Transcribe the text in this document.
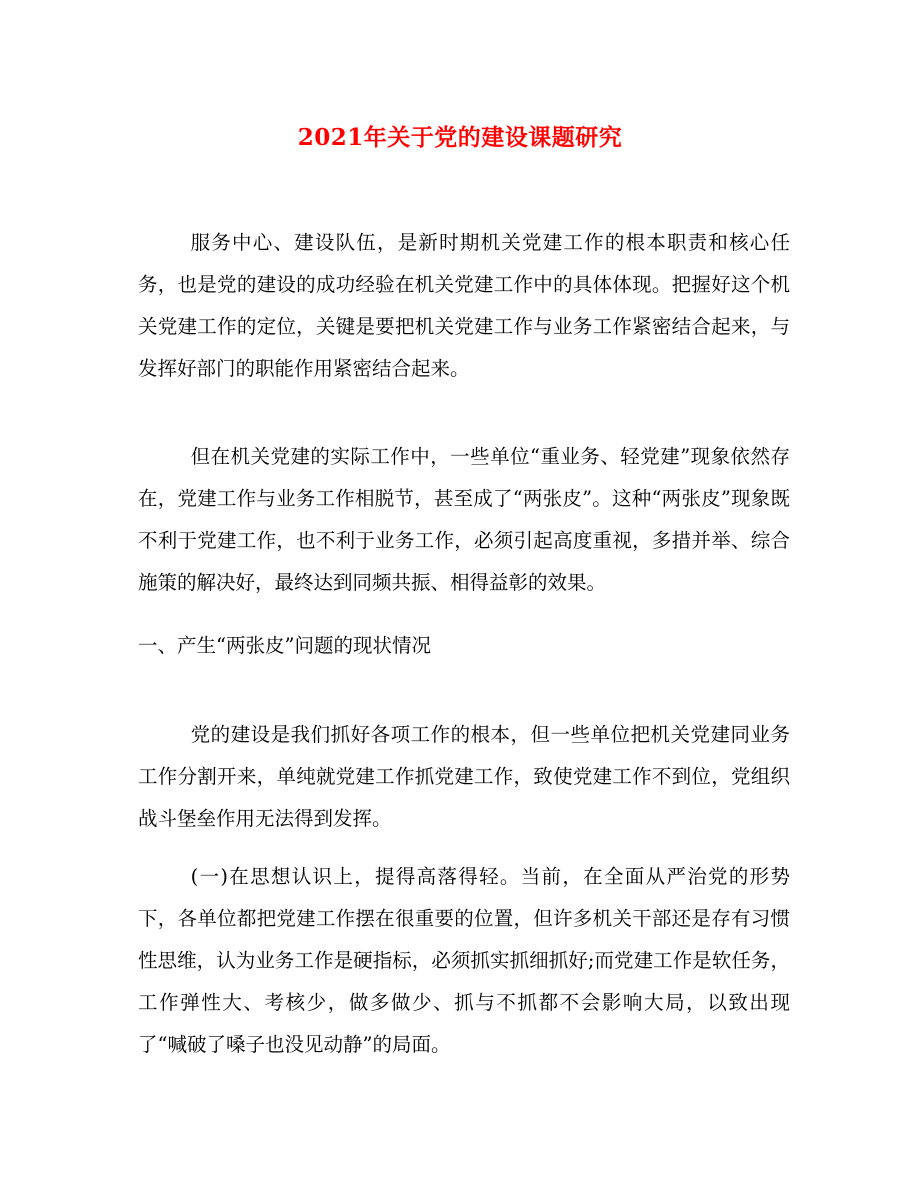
2021年关于党的建设课题研究

服务中心、建设队伍，是新时期机关党建工作的根本职责和核心任务，也是党的建设的成功经验在机关党建工作中的具体体现。把握好这个机关党建工作的定位，关键是要把机关党建工作与业务工作紧密结合起来，与发挥好部门的职能作用紧密结合起来。

但在机关党建的实际工作中，一些单位“重业务、轻党建”现象依然存在，党建工作与业务工作相脱节，甚至成了“两张皮”。这种“两张皮”现象既不利于党建工作，也不利于业务工作，必须引起高度重视，多措并举、综合施策的解决好，最终达到同频共振、相得益彰的效果。

一、产生“两张皮”问题的现状情况

党的建设是我们抓好各项工作的根本，但一些单位把机关党建同业务工作分割开来，单纯就党建工作抓党建工作，致使党建工作不到位，党组织战斗堡垒作用无法得到发挥。

(一)在思想认识上，提得高落得轻。当前，在全面从严治党的形势下，各单位都把党建工作摆在很重要的位置，但许多机关干部还是存有习惯性思维，认为业务工作是硬指标，必须抓实抓细抓好;而党建工作是软任务，工作弹性大、考核少，做多做少、抓与不抓都不会影响大局，以致出现了“喊破了嗓子也没见动静”的局面。
